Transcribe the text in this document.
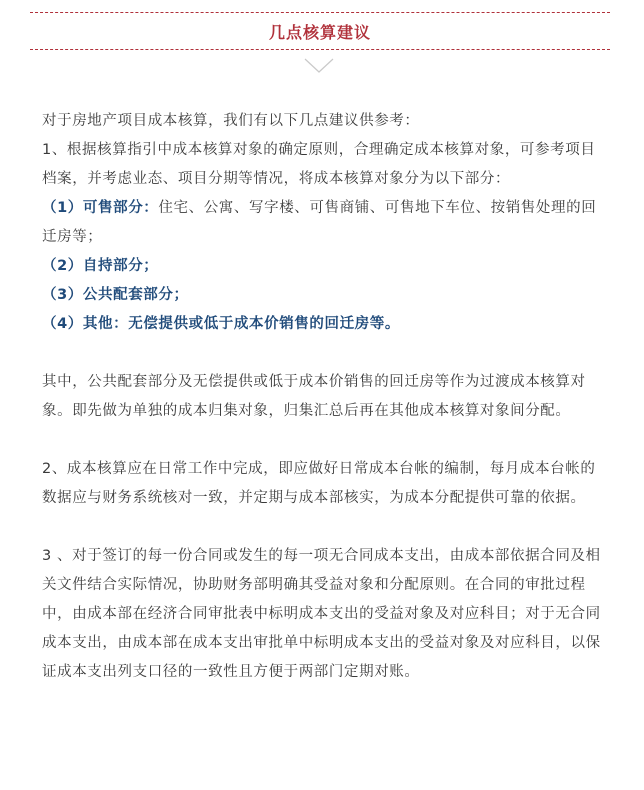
几点核算建议

对于房地产项目成本核算，我们有以下几点建议供参考：

1、根据核算指引中成本核算对象的确定原则，合理确定成本核算对象，可参考项目档案，并考虑业态、项目分期等情况，将成本核算对象分为以下部分：

（1）可售部分：住宅、公寓、写字楼、可售商铺、可售地下车位、按销售处理的回迁房等；

（2）自持部分；

（3）公共配套部分；

（4）其他：无偿提供或低于成本价销售的回迁房等。

其中，公共配套部分及无偿提供或低于成本价销售的回迁房等作为过渡成本核算对象。即先做为单独的成本归集对象，归集汇总后再在其他成本核算对象间分配。

2、成本核算应在日常工作中完成，即应做好日常成本台帐的编制，每月成本台帐的数据应与财务系统核对一致，并定期与成本部核实，为成本分配提供可靠的依据。

3 、对于签订的每一份合同或发生的每一项无合同成本支出，由成本部依据合同及相关文件结合实际情况，协助财务部明确其受益对象和分配原则。在合同的审批过程中，由成本部在经济合同审批表中标明成本支出的受益对象及对应科目；对于无合同成本支出，由成本部在成本支出审批单中标明成本支出的受益对象及对应科目，以保证成本支出列支口径的一致性且方便于两部门定期对账。
